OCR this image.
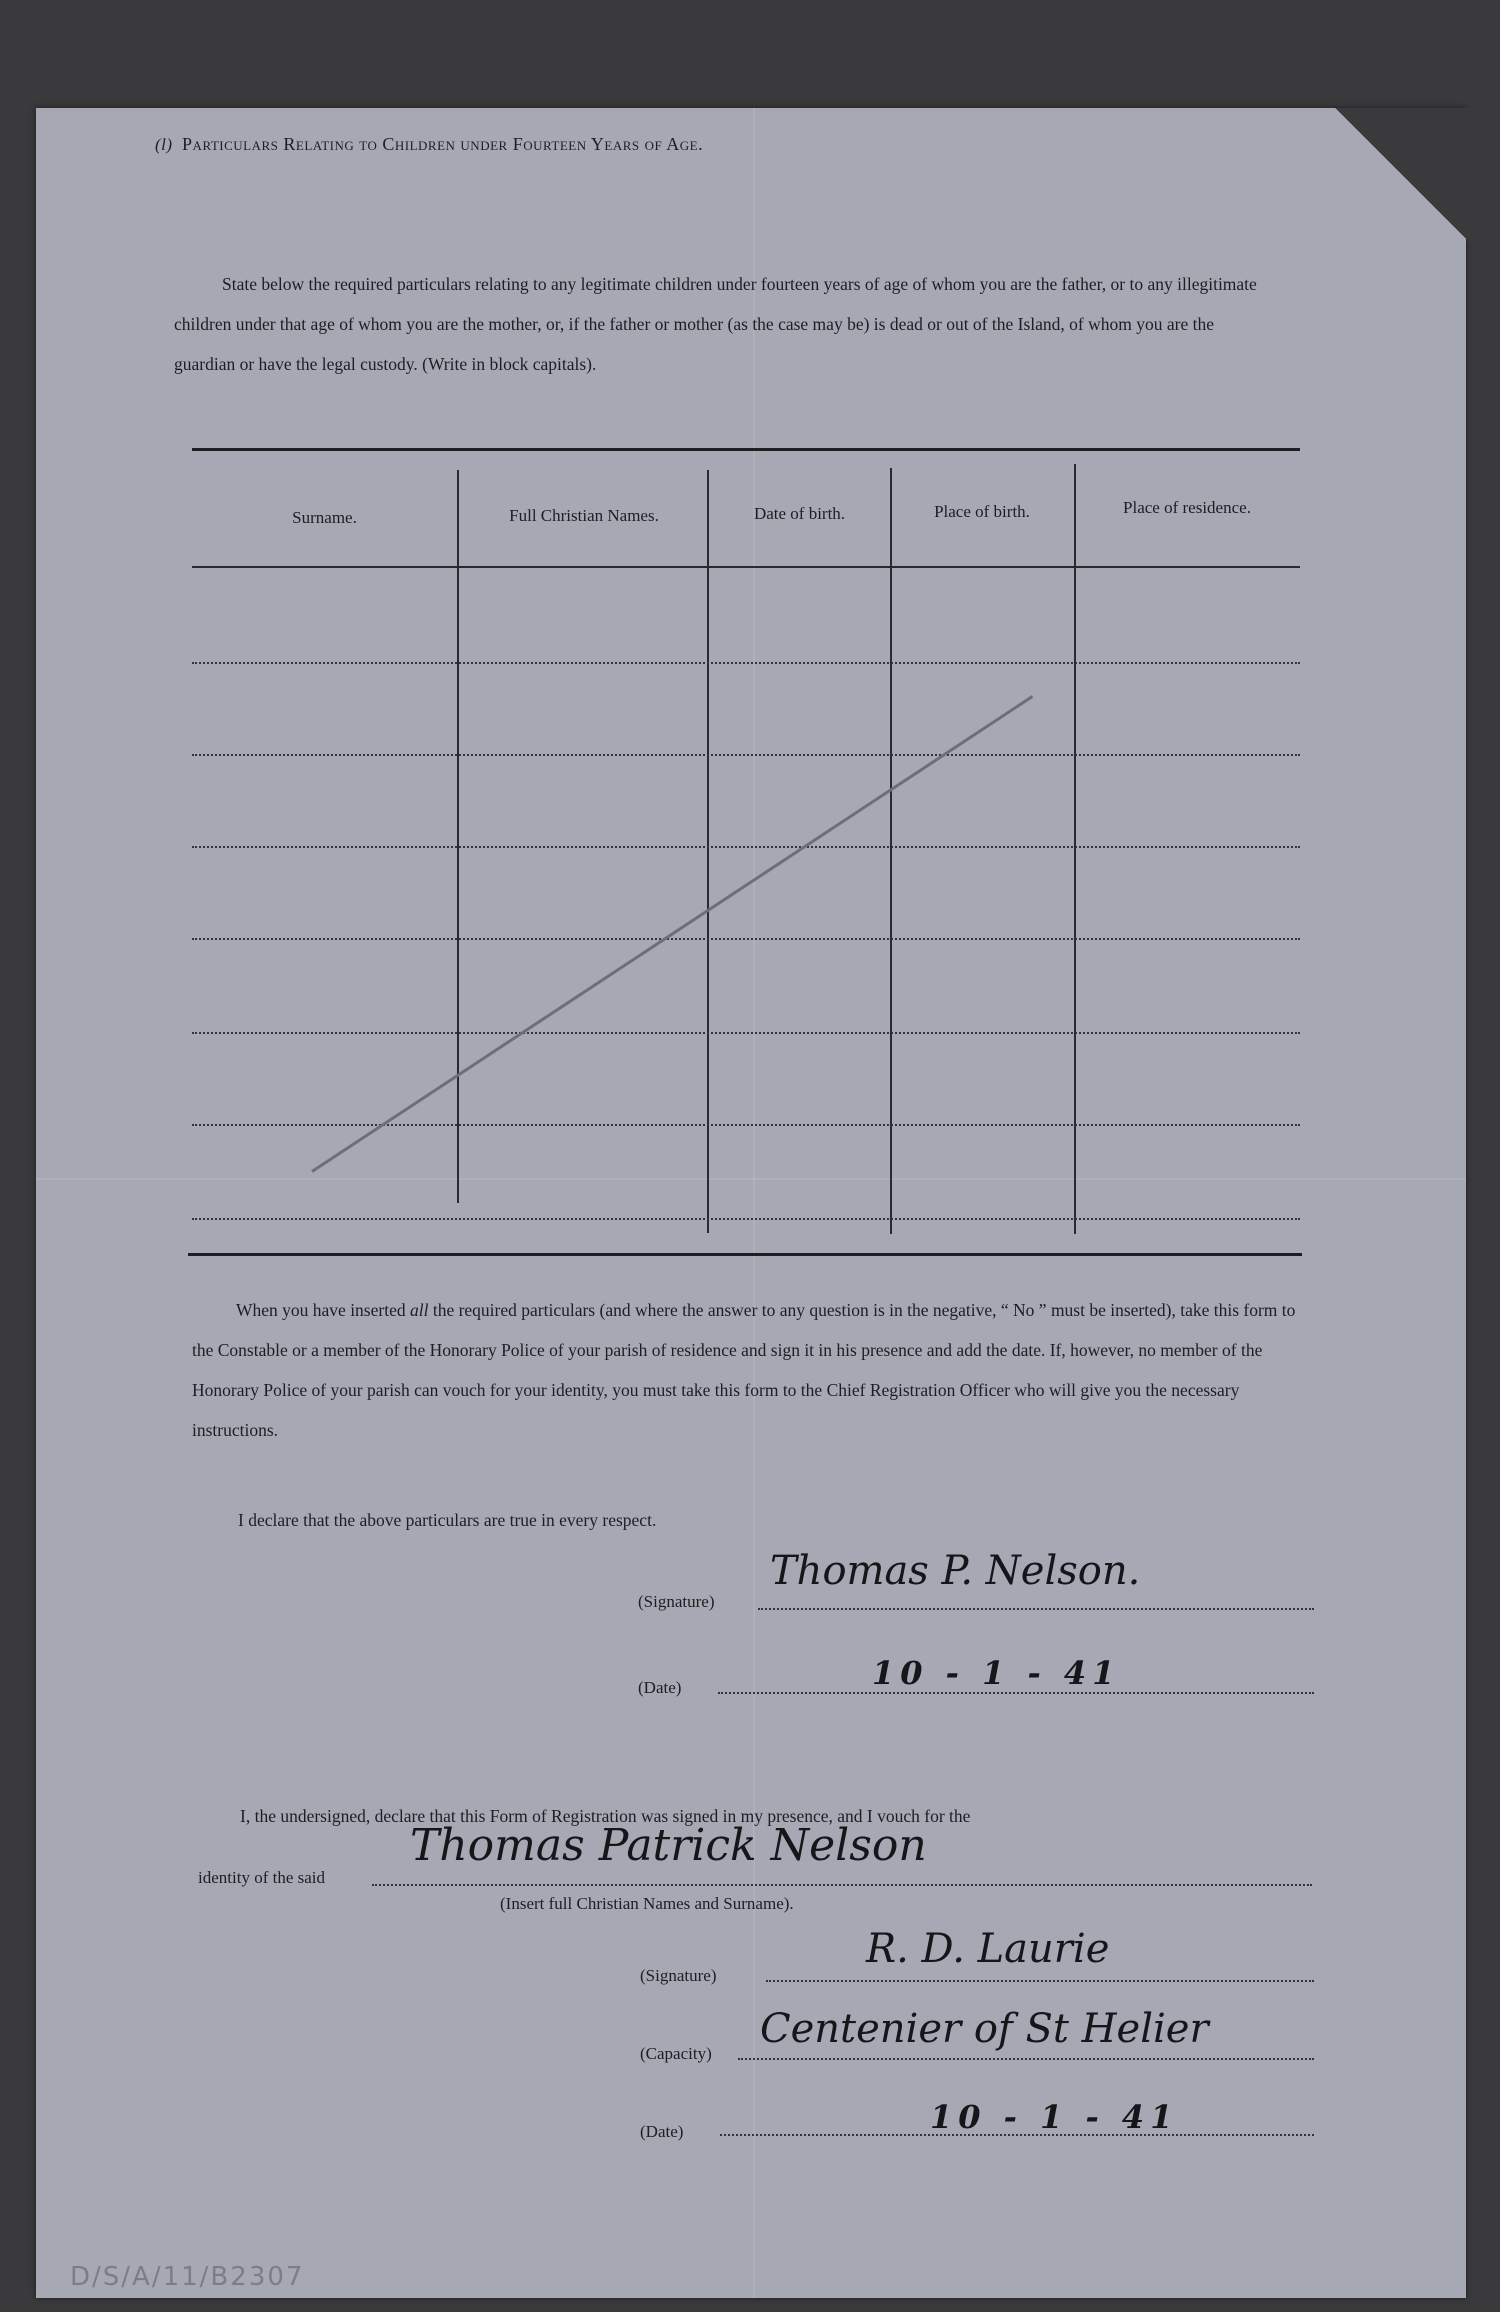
(l) Particulars Relating to Children under Fourteen Years of Age.
State below the required particulars relating to any legitimate children under fourteen years of age of whom you are the father, or to any illegitimate children under that age of whom you are the mother, or, if the father or mother (as the case may be) is dead or out of the Island, of whom you are the guardian or have the legal custody. (Write in block capitals).
Surname.	Full Christian Names.	Date of birth.	Place of birth.	Place of residence.
When you have inserted all the required particulars (and where the answer to any question is in the negative, “ No ” must be inserted), take this form to the Constable or a member of the Honorary Police of your parish of residence and sign it in his presence and add the date. If, however, no member of the Honorary Police of your parish can vouch for your identity, you must take this form to the Chief Registration Officer who will give you the necessary instructions.
I declare that the above particulars are true in every respect.
(Signature)
Thomas P. Nelson.
(Date)	10 - 1 - 41
I, the undersigned, declare that this Form of Registration was signed in my presence, and I vouch for the
identity of the said
Thomas Patrick Nelson
(Insert full Christian Names and Surname).
(Signature)
R. D. Laurie
(Capacity)
Centenier of St Helier
(Date)	10 - 1 - 41
D/S/A/11/B2307
